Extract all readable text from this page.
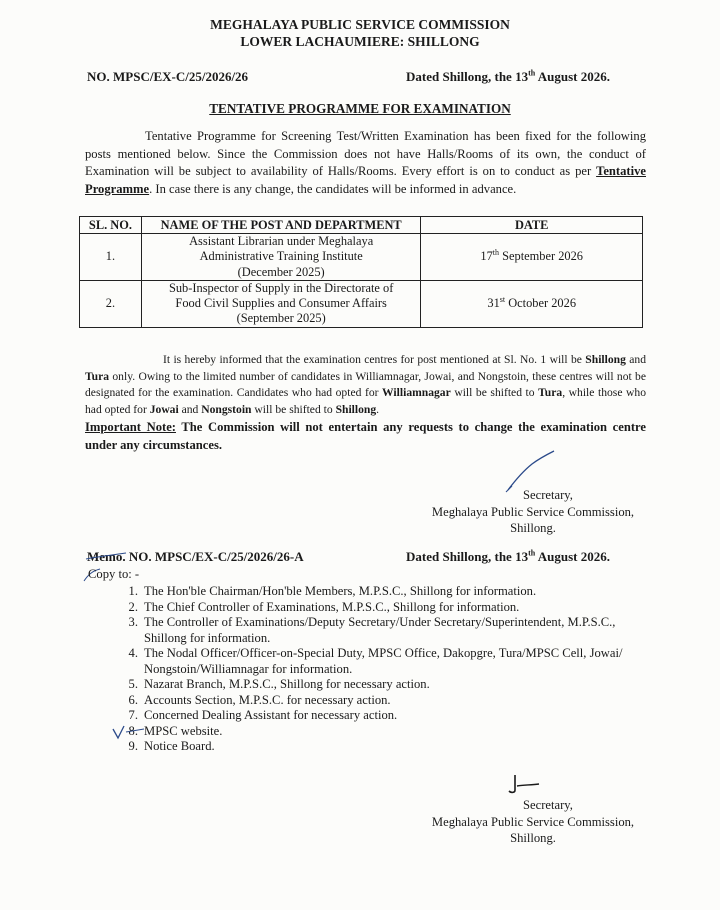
MEGHALAYA PUBLIC SERVICE COMMISSION
LOWER LACHAUMIERE: SHILLONG
NO. MPSC/EX-C/25/2026/26	Dated Shillong, the 13th August 2026.
TENTATIVE PROGRAMME FOR EXAMINATION
Tentative Programme for Screening Test/Written Examination has been fixed for the following posts mentioned below. Since the Commission does not have Halls/Rooms of its own, the conduct of Examination will be subject to availability of Halls/Rooms. Every effort is on to conduct as per Tentative Programme. In case there is any change, the candidates will be informed in advance.
SL. NO.	NAME OF THE POST AND DEPARTMENT	DATE
1.	Assistant Librarian under Meghalaya
Administrative Training Institute
(December 2025)	17th September 2026
2.	Sub-Inspector of Supply in the Directorate of
Food Civil Supplies and Consumer Affairs
(September 2025)	31st October 2026
It is hereby informed that the examination centres for post mentioned at Sl. No. 1 will be Shillong and Tura only. Owing to the limited number of candidates in Williamnagar, Jowai, and Nongstoin, these centres will not be designated for the examination. Candidates who had opted for Williamnagar will be shifted to Tura, while those who had opted for Jowai and Nongstoin will be shifted to Shillong.
Important Note: The Commission will not entertain any requests to change the examination centre under any circumstances.
Secretary,
Meghalaya Public Service Commission,
Shillong.
Memo. NO. MPSC/EX-C/25/2026/26-A	Dated Shillong, the 13th August 2026.
Copy to: -
1. The Hon'ble Chairman/Hon'ble Members, M.P.S.C., Shillong for information.
2. The Chief Controller of Examinations, M.P.S.C., Shillong for information.
3. The Controller of Examinations/Deputy Secretary/Under Secretary/Superintendent, M.P.S.C., Shillong for information.
4. The Nodal Officer/Officer-on-Special Duty, MPSC Office, Dakopgre, Tura/MPSC Cell, Jowai/ Nongstoin/Williamnagar for information.
5. Nazarat Branch, M.P.S.C., Shillong for necessary action.
6. Accounts Section, M.P.S.C. for necessary action.
7. Concerned Dealing Assistant for necessary action.
8. MPSC website.
9. Notice Board.
Secretary,
Meghalaya Public Service Commission,
Shillong.
